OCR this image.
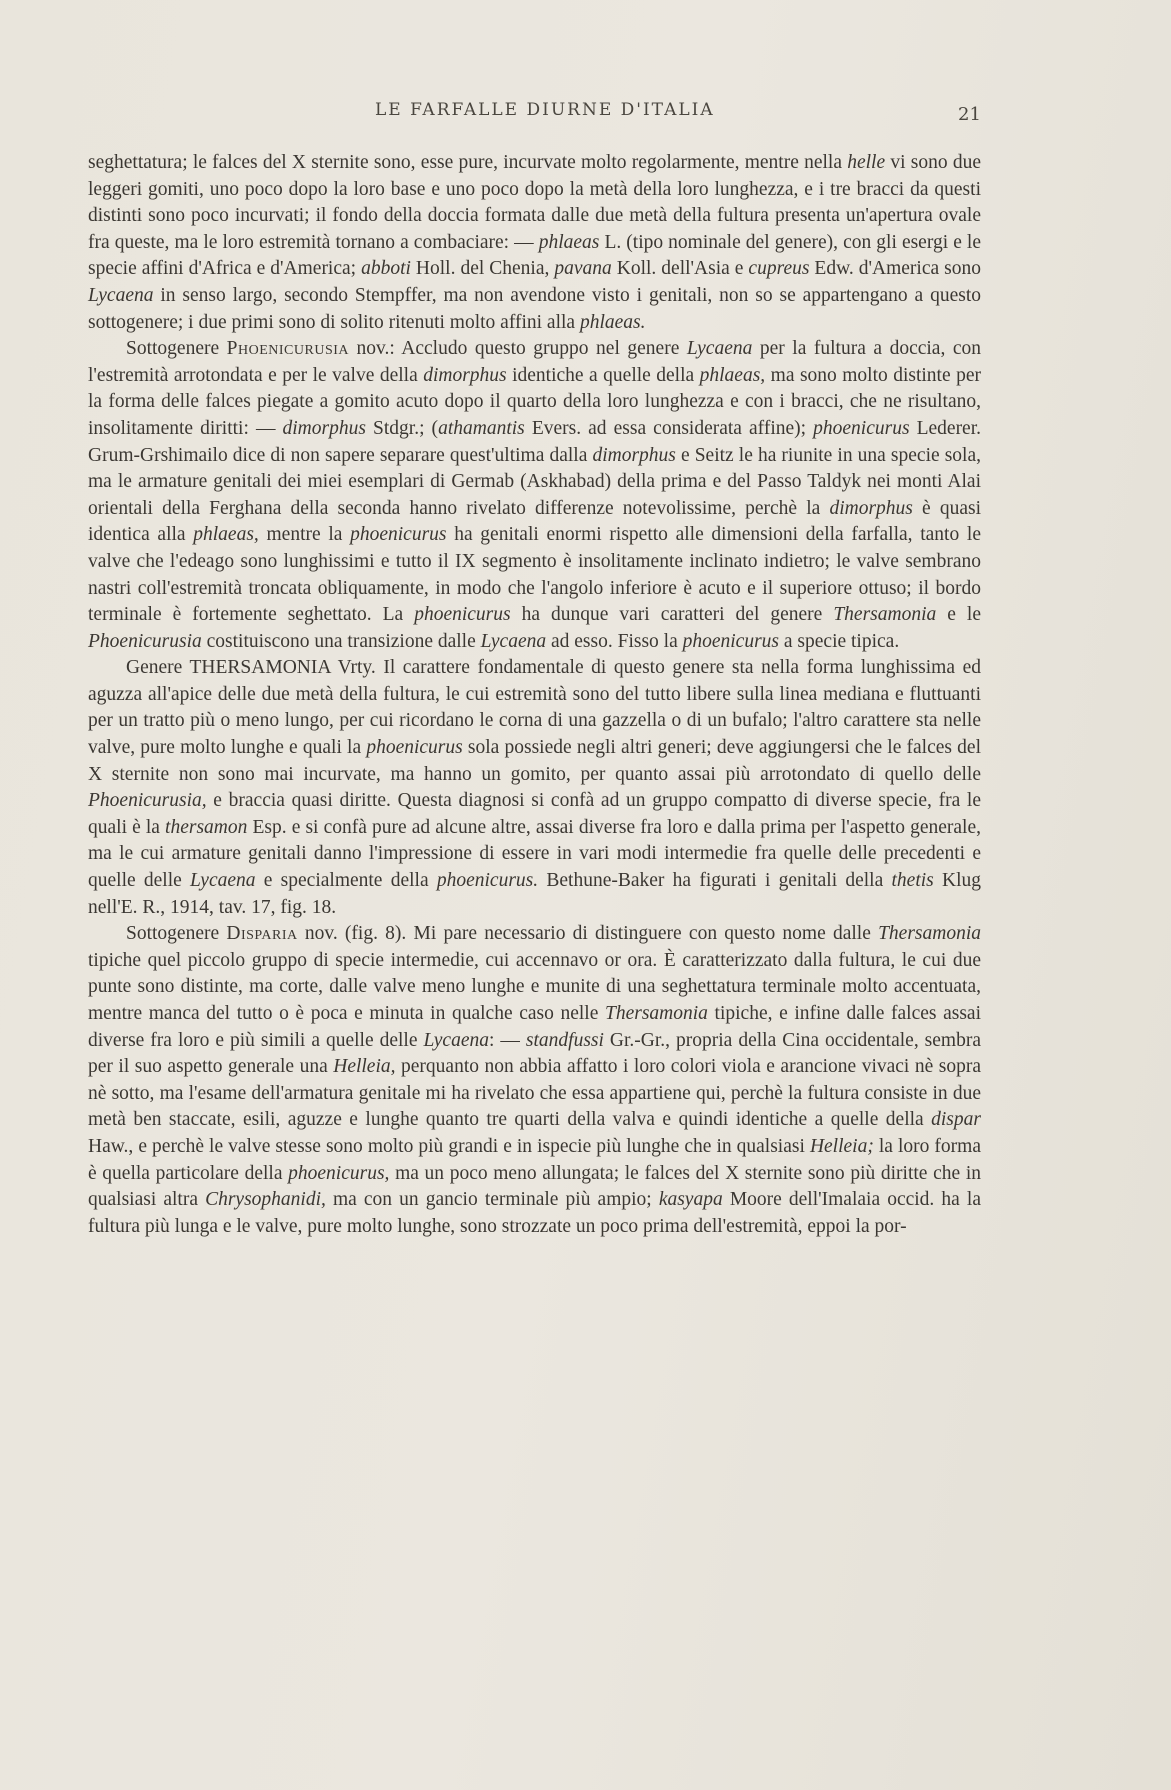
LE FARFALLE DIURNE D'ITALIA	21

seghettatura; le falces del X sternite sono, esse pure, incurvate molto regolarmente, mentre nella helle vi sono due leggeri gomiti, uno poco dopo la loro base e uno poco dopo la metà della loro lunghezza, e i tre bracci da questi distinti sono poco incurvati; il fondo della doccia formata dalle due metà della fultura presenta un'apertura ovale fra queste, ma le loro estremità tornano a combaciare: — phlaeas L. (tipo nominale del genere), con gli esergi e le specie affini d'Africa e d'America; abboti Holl. del Chenia, pavana Koll. dell'Asia e cupreus Edw. d'America sono Lycaena in senso largo, secondo Stempffer, ma non avendone visto i genitali, non so se appartengano a questo sottogenere; i due primi sono di solito ritenuti molto affini alla phlaeas.

Sottogenere Phoenicurusia nov.: Accludo questo gruppo nel genere Lycaena per la fultura a doccia, con l'estremità arrotondata e per le valve della dimorphus identiche a quelle della phlaeas, ma sono molto distinte per la forma delle falces piegate a gomito acuto dopo il quarto della loro lunghezza e con i bracci, che ne risultano, insolitamente diritti: — dimorphus Stdgr.; (athamantis Evers. ad essa considerata affine); phoenicurus Lederer. Grum-Grshimailo dice di non sapere separare quest'ultima dalla dimorphus e Seitz le ha riunite in una specie sola, ma le armature genitali dei miei esemplari di Germab (Askhabad) della prima e del Passo Taldyk nei monti Alai orientali della Ferghana della seconda hanno rivelato differenze notevolissime, perchè la dimorphus è quasi identica alla phlaeas, mentre la phoenicurus ha genitali enormi rispetto alle dimensioni della farfalla, tanto le valve che l'edeago sono lunghissimi e tutto il IX segmento è insolitamente inclinato indietro; le valve sembrano nastri coll'estremità troncata obliquamente, in modo che l'angolo inferiore è acuto e il superiore ottuso; il bordo terminale è fortemente seghettato. La phoenicurus ha dunque vari caratteri del genere Thersamonia e le Phoenicurusia costituiscono una transizione dalle Lycaena ad esso. Fisso la phoenicurus a specie tipica.

Genere THERSAMONIA Vrty. Il carattere fondamentale di questo genere sta nella forma lunghissima ed aguzza all'apice delle due metà della fultura, le cui estremità sono del tutto libere sulla linea mediana e fluttuanti per un tratto più o meno lungo, per cui ricordano le corna di una gazzella o di un bufalo; l'altro carattere sta nelle valve, pure molto lunghe e quali la phoenicurus sola possiede negli altri generi; deve aggiungersi che le falces del X sternite non sono mai incurvate, ma hanno un gomito, per quanto assai più arrotondato di quello delle Phoenicurusia, e braccia quasi diritte. Questa diagnosi si confà ad un gruppo compatto di diverse specie, fra le quali è la thersamon Esp. e si confà pure ad alcune altre, assai diverse fra loro e dalla prima per l'aspetto generale, ma le cui armature genitali danno l'impressione di essere in vari modi intermedie fra quelle delle precedenti e quelle delle Lycaena e specialmente della phoenicurus. Bethune-Baker ha figurati i genitali della thetis Klug nell'E. R., 1914, tav. 17, fig. 18.

Sottogenere Disparia nov. (fig. 8). Mi pare necessario di distinguere con questo nome dalle Thersamonia tipiche quel piccolo gruppo di specie intermedie, cui accennavo or ora. È caratterizzato dalla fultura, le cui due punte sono distinte, ma corte, dalle valve meno lunghe e munite di una seghettatura terminale molto accentuata, mentre manca del tutto o è poca e minuta in qualche caso nelle Thersamonia tipiche, e infine dalle falces assai diverse fra loro e più simili a quelle delle Lycaena: — standfussi Gr.-Gr., propria della Cina occidentale, sembra per il suo aspetto generale una Helleia, perquanto non abbia affatto i loro colori viola e arancione vivaci nè sopra nè sotto, ma l'esame dell'armatura genitale mi ha rivelato che essa appartiene qui, perchè la fultura consiste in due metà ben staccate, esili, aguzze e lunghe quanto tre quarti della valva e quindi identiche a quelle della dispar Haw., e perchè le valve stesse sono molto più grandi e in ispecie più lunghe che in qualsiasi Helleia; la loro forma è quella particolare della phoenicurus, ma un poco meno allungata; le falces del X sternite sono più diritte che in qualsiasi altra Chrysophanidi, ma con un gancio terminale più ampio; kasyapa Moore dell'Imalaia occid. ha la fultura più lunga e le valve, pure molto lunghe, sono strozzate un poco prima dell'estremità, eppoi la por-
